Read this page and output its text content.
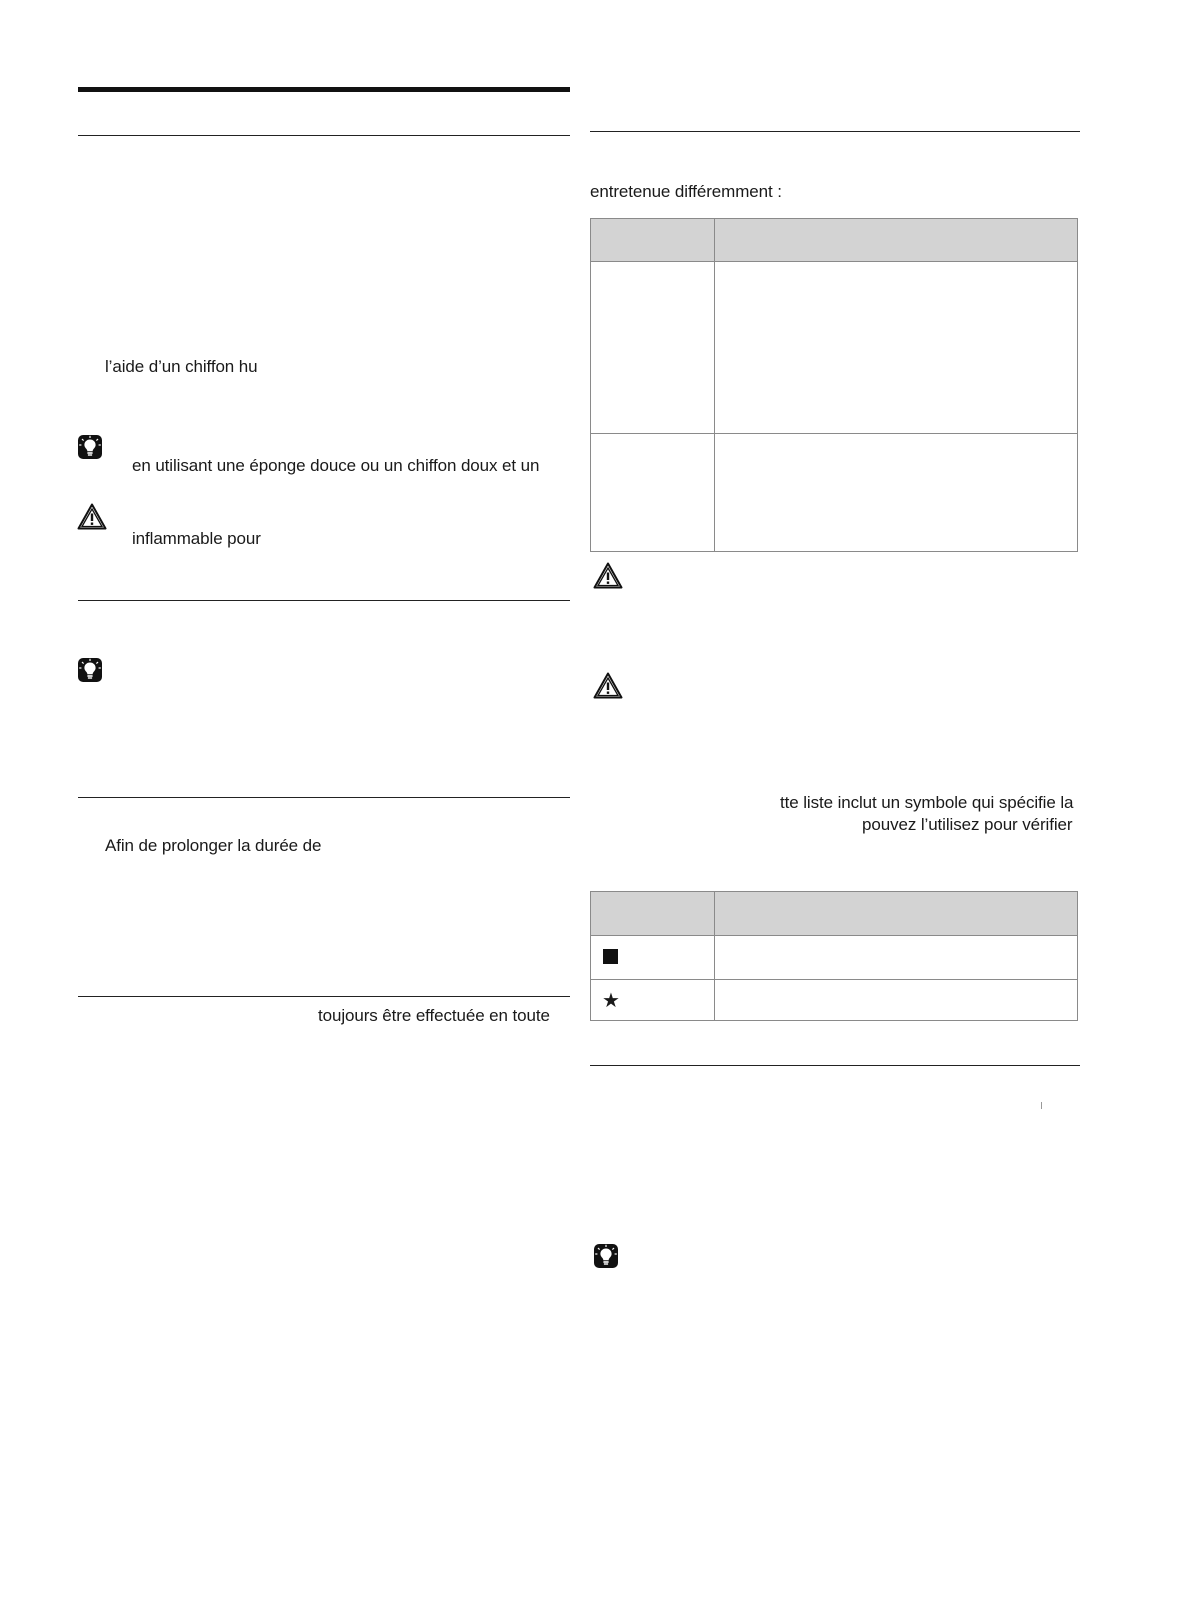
l’aide d’un chiffon hu
en utilisant une éponge douce ou un chiffon doux et un
inflammable pour
Afin de prolonger la durée de
toujours être effectuée en toute
entretenue différemment :
tte liste inclut un symbole qui spécifie la
pouvez l’utilisez pour vérifier
★
